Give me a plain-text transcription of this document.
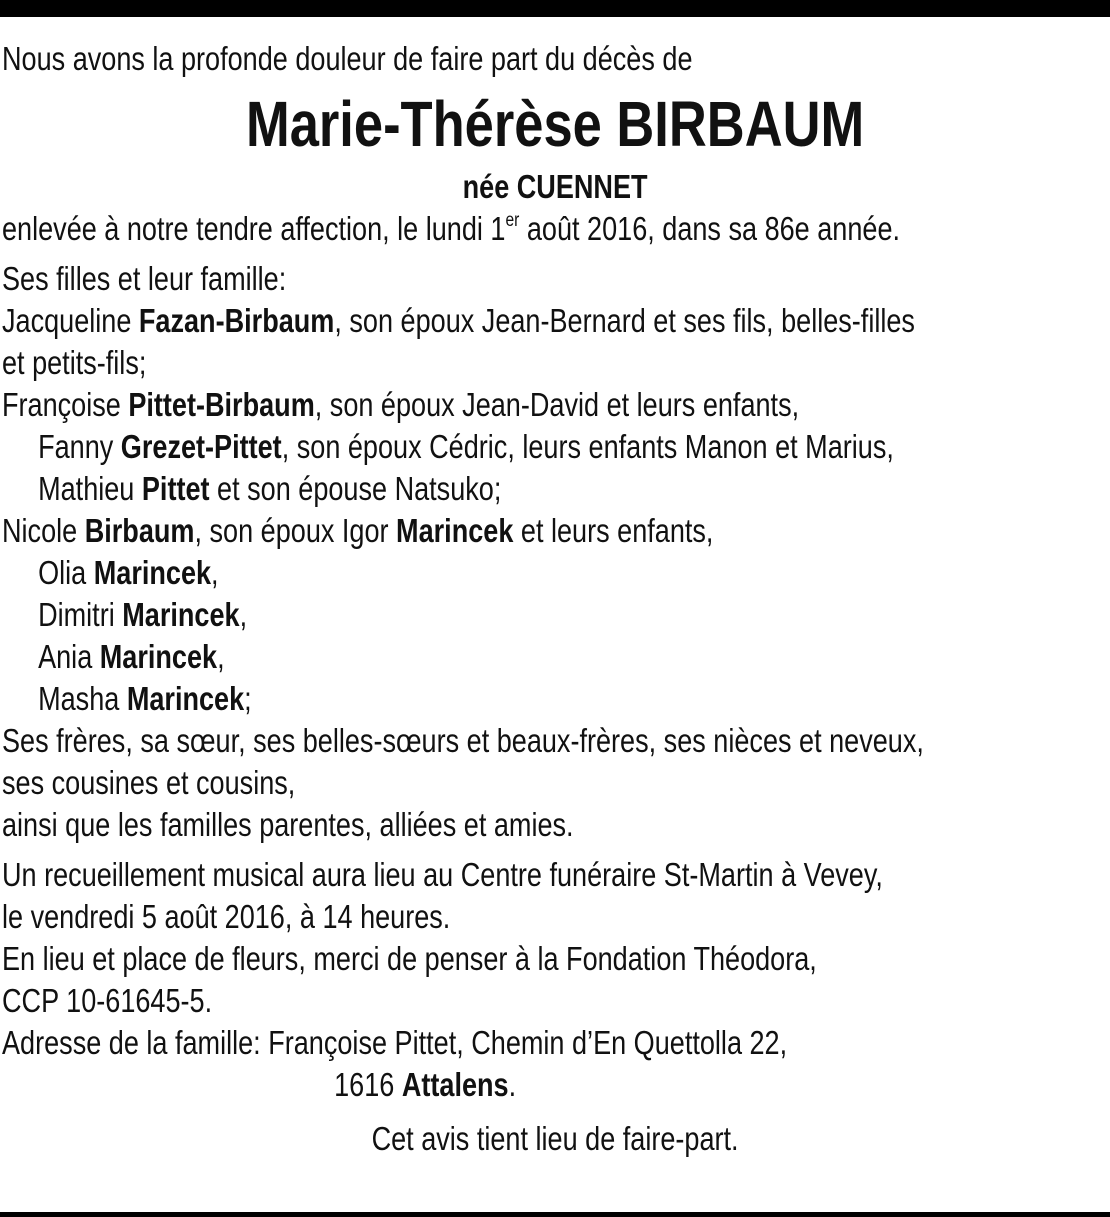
Nous avons la profonde douleur de faire part du décès de
Marie-Thérèse BIRBAUM
née CUENNET
enlevée à notre tendre affection, le lundi 1er août 2016, dans sa 86e année.
Ses filles et leur famille:
Jacqueline Fazan-Birbaum, son époux Jean-Bernard et ses fils, belles-filles
et petits-fils;
Françoise Pittet-Birbaum, son époux Jean-David et leurs enfants,
Fanny Grezet-Pittet, son époux Cédric, leurs enfants Manon et Marius,
Mathieu Pittet et son épouse Natsuko;
Nicole Birbaum, son époux Igor Marincek et leurs enfants,
Olia Marincek,
Dimitri Marincek,
Ania Marincek,
Masha Marincek;
Ses frères, sa sœur, ses belles-sœurs et beaux-frères, ses nièces et neveux,
ses cousines et cousins,
ainsi que les familles parentes, alliées et amies.
Un recueillement musical aura lieu au Centre funéraire St-Martin à Vevey,
le vendredi 5 août 2016, à 14 heures.
En lieu et place de fleurs, merci de penser à la Fondation Théodora,
CCP 10-61645-5.
Adresse de la famille: Françoise Pittet, Chemin d’En Quettolla 22,
1616 Attalens.
Cet avis tient lieu de faire-part.
